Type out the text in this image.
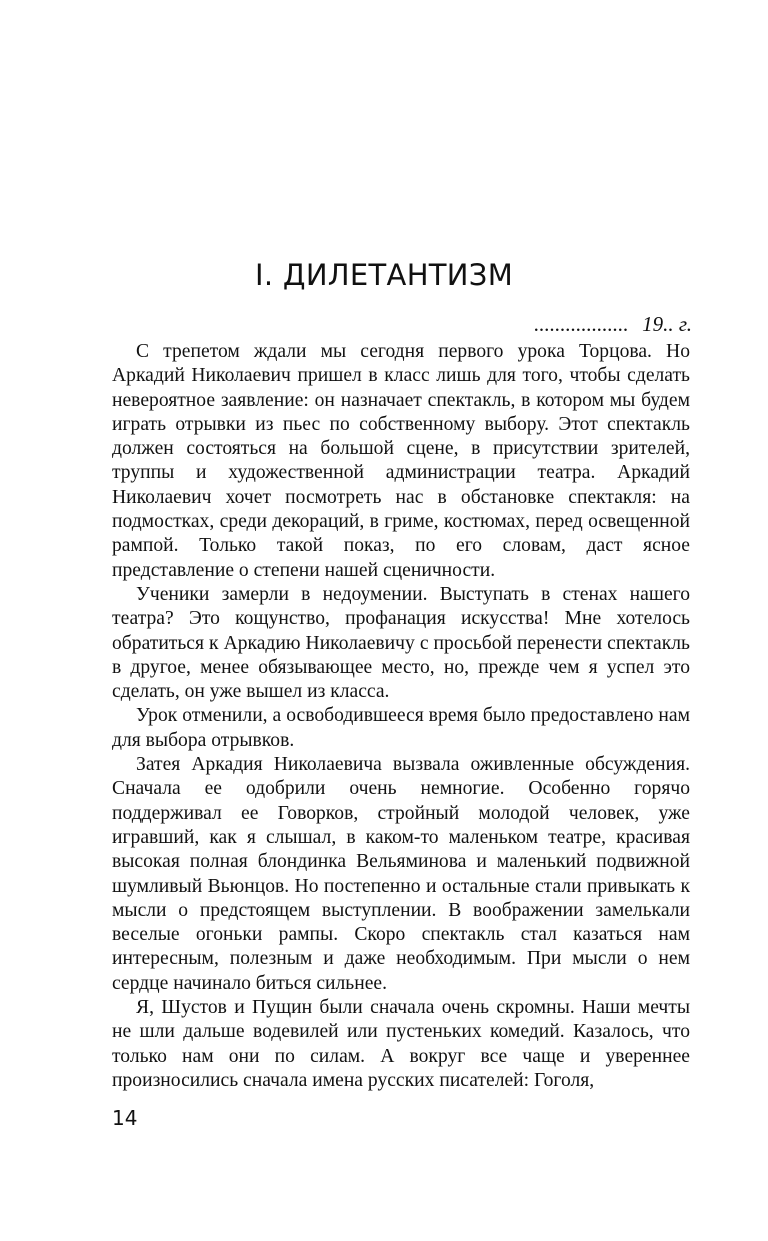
I. ДИЛЕТАНТИЗМ
.................. 19.. г.

С трепетом ждали мы сегодня первого урока Торцова. Но Аркадий Николаевич пришел в класс лишь для того, чтобы сделать невероятное заявление: он назначает спектакль, в котором мы будем играть отрывки из пьес по собственному выбору. Этот спектакль должен состояться на большой сцене, в присутствии зрителей, труппы и художественной администрации театра. Аркадий Николаевич хочет посмотреть нас в обстановке спектакля: на подмостках, среди декораций, в гриме, костюмах, перед освещенной рампой. Только такой показ, по его словам, даст ясное представление о степени нашей сценичности.

Ученики замерли в недоумении. Выступать в стенах нашего театра? Это кощунство, профанация искусства! Мне хотелось обратиться к Аркадию Николаевичу с просьбой перенести спектакль в другое, менее обязывающее место, но, прежде чем я успел это сделать, он уже вышел из класса.

Урок отменили, а освободившееся время было предоставлено нам для выбора отрывков.

Затея Аркадия Николаевича вызвала оживленные обсуждения. Сначала ее одобрили очень немногие. Особенно горячо поддерживал ее Говорков, стройный молодой человек, уже игравший, как я слышал, в каком-то маленьком театре, красивая высокая полная блондинка Вельяминова и маленький подвижной шумливый Вьюнцов. Но постепенно и остальные стали привыкать к мысли о предстоящем выступлении. В воображении замелькали веселые огоньки рампы. Скоро спектакль стал казаться нам интересным, полезным и даже необходимым. При мысли о нем сердце начинало биться сильнее.

Я, Шустов и Пущин были сначала очень скромны. Наши мечты не шли дальше водевилей или пустеньких комедий. Казалось, что только нам они по силам. А вокруг все чаще и увереннее произносились сначала имена русских писателей: Гоголя,

14
